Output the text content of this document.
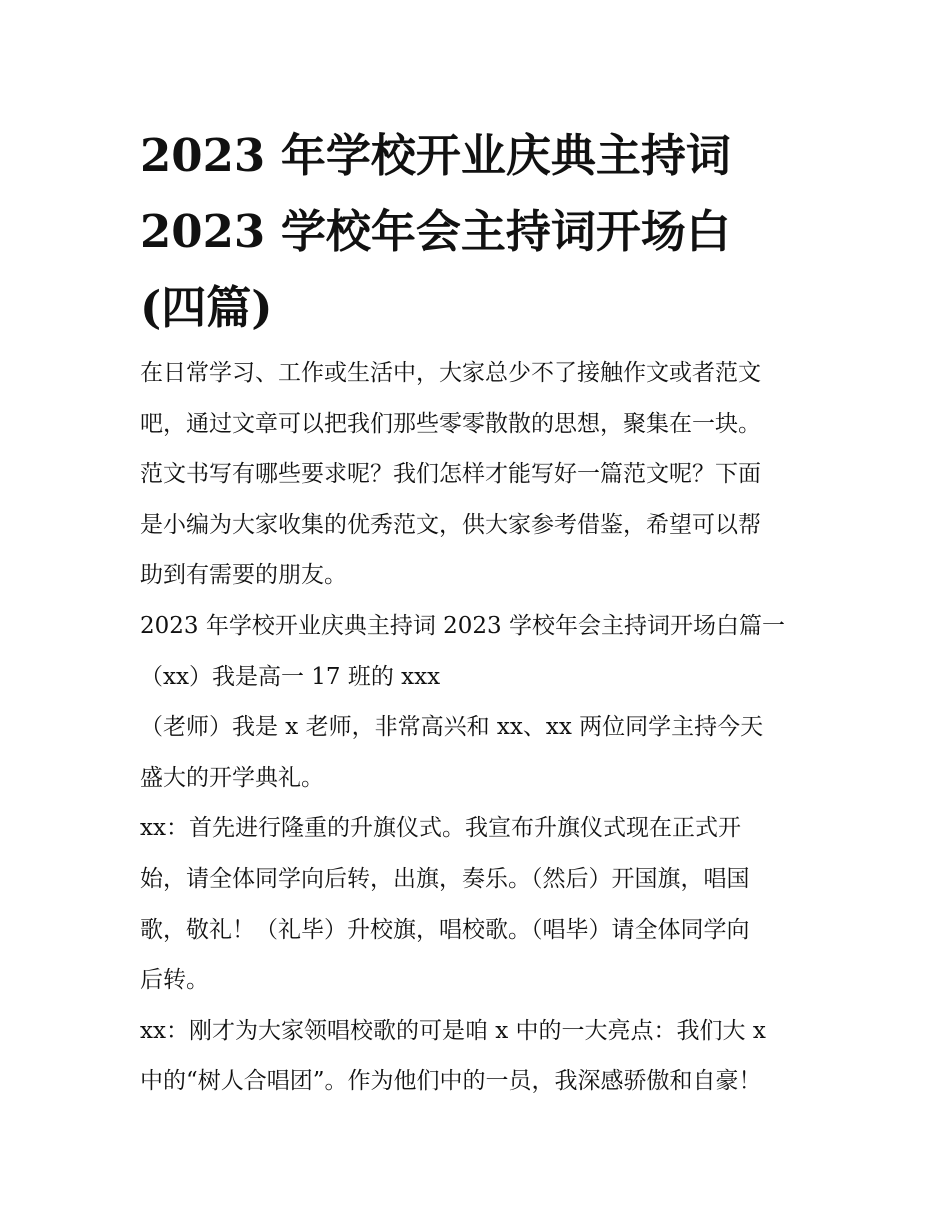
2023 年学校开业庆典主持词
2023 学校年会主持词开场白
(四篇)

在日常学习、工作或生活中，大家总少不了接触作文或者范文
吧，通过文章可以把我们那些零零散散的思想，聚集在一块。
范文书写有哪些要求呢？我们怎样才能写好一篇范文呢？下面
是小编为大家收集的优秀范文，供大家参考借鉴，希望可以帮
助到有需要的朋友。

2023 年学校开业庆典主持词 2023 学校年会主持词开场白篇一

（xx）我是高一 17 班的 xxx

（老师）我是 x 老师，非常高兴和 xx、xx 两位同学主持今天
盛大的开学典礼。

xx：首先进行隆重的升旗仪式。我宣布升旗仪式现在正式开
始，请全体同学向后转，出旗，奏乐。（然后）开国旗，唱国
歌，敬礼！（礼毕）升校旗，唱校歌。（唱毕）请全体同学向
后转。

xx：刚才为大家领唱校歌的可是咱 x 中的一大亮点：我们大 x
中的“树人合唱团”。作为他们中的一员，我深感骄傲和自豪！
